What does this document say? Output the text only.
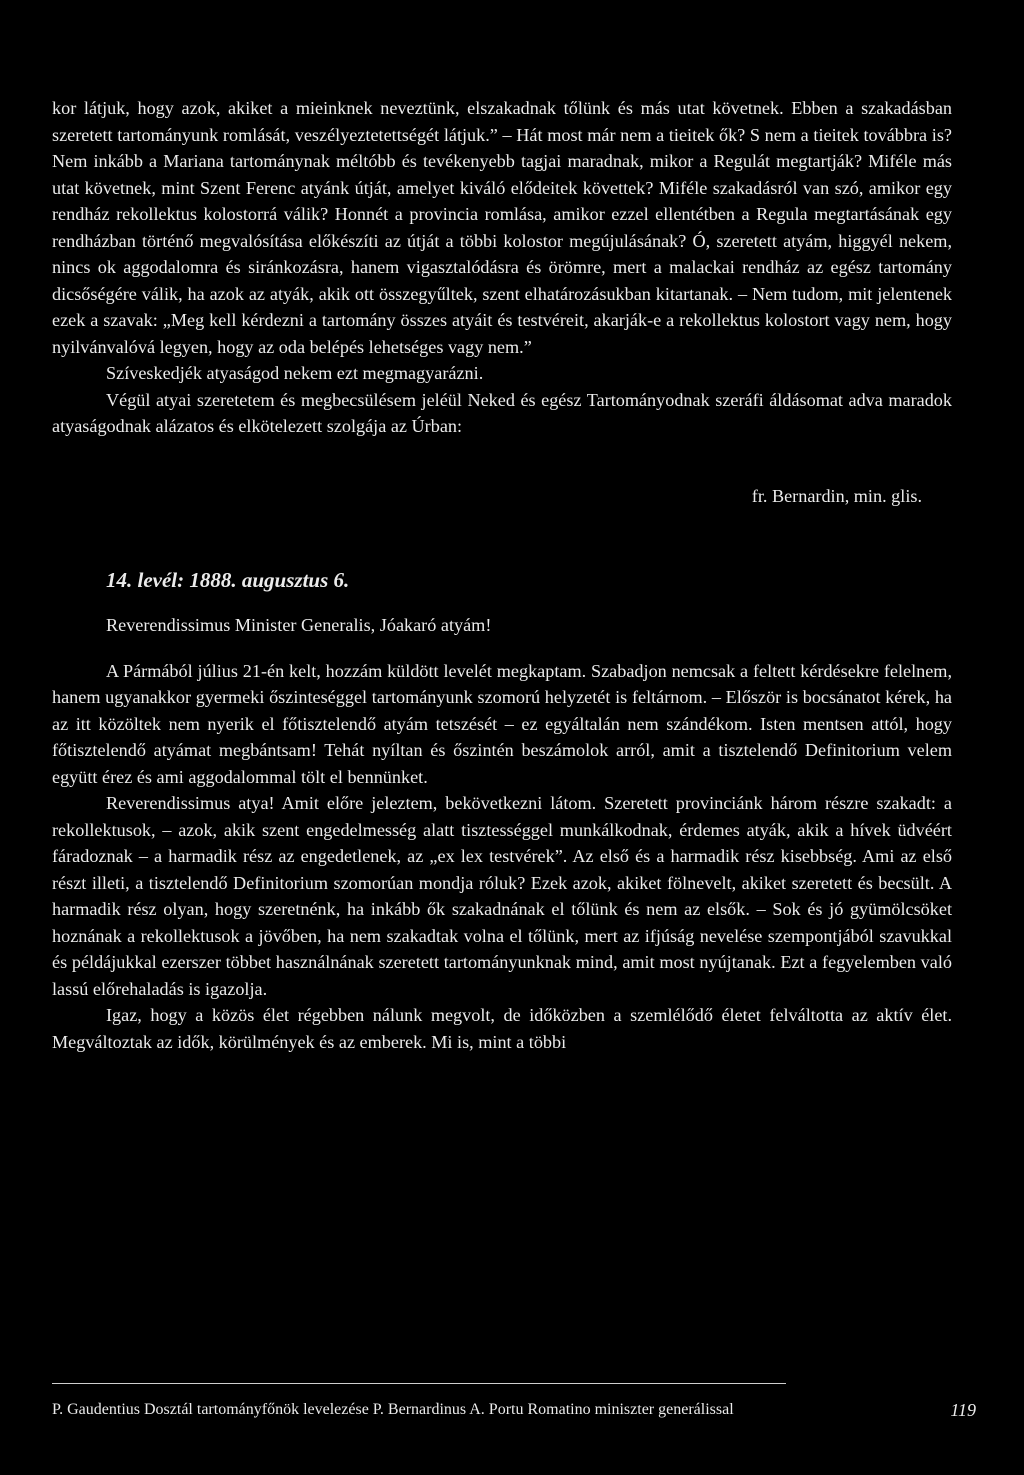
kor látjuk, hogy azok, akiket a mieinknek neveztünk, elszakadnak tőlünk és más utat követnek. Ebben a szakadásban szeretett tartományunk romlását, veszélyeztetettségét látjuk.” – Hát most már nem a tieitek ők? S nem a tieitek továbbra is? Nem inkább a Mariana tartománynak méltóbb és tevékenyebb tagjai maradnak, mikor a Regulát megtartják? Miféle más utat követnek, mint Szent Ferenc atyánk útját, amelyet kiváló elődeitek követtek? Miféle szakadásról van szó, amikor egy rendház rekollektus kolostorrá válik? Honnét a provincia romlása, amikor ezzel ellentétben a Regula megtartásának egy rendházban történő megvalósítása előkészíti az útját a többi kolostor megújulásának? Ó, szeretett atyám, higgyél nekem, nincs ok aggodalomra és siránkozásra, hanem vigasztalódásra és örömre, mert a malackai rendház az egész tartomány dicsőségére válik, ha azok az atyák, akik ott összegyűltek, szent elhatározásukban kitartanak. – Nem tudom, mit jelentenek ezek a szavak: „Meg kell kérdezni a tartomány összes atyáit és testvéreit, akarják-e a rekollektus kolostort vagy nem, hogy nyilvánvalóvá legyen, hogy az oda belépés lehetséges vagy nem.”

Szíveskedjék atyaságod nekem ezt megmagyarázni.

Végül atyai szeretetem és megbecsülésem jeléül Neked és egész Tartományodnak szeráfi áldásomat adva maradok atyaságodnak alázatos és elkötelezett szolgája az Úrban:

fr. Bernardin, min. glis.

14. levél: 1888. augusztus 6.

Reverendissimus Minister Generalis, Jóakaró atyám!

A Pármából július 21-én kelt, hozzám küldött levelét megkaptam. Szabadjon nemcsak a feltett kérdésekre felelnem, hanem ugyanakkor gyermeki őszinteséggel tartományunk szomorú helyzetét is feltárnom. – Először is bocsánatot kérek, ha az itt közöltek nem nyerik el főtisztelendő atyám tetszését – ez egyáltalán nem szándékom. Isten mentsen attól, hogy főtisztelendő atyámat megbántsam! Tehát nyíltan és őszintén beszámolok arról, amit a tisztelendő Definitorium velem együtt érez és ami aggodalommal tölt el bennünket.

Reverendissimus atya! Amit előre jeleztem, bekövetkezni látom. Szeretett provinciánk három részre szakadt: a rekollektusok, – azok, akik szent engedelmesség alatt tisztességgel munkálkodnak, érdemes atyák, akik a hívek üdvéért fáradoznak – a harmadik rész az engedetlenek, az „ex lex testvérek”. Az első és a harmadik rész kisebbség. Ami az első részt illeti, a tisztelendő Definitorium szomorúan mondja róluk? Ezek azok, akiket fölnevelt, akiket szeretett és becsült. A harmadik rész olyan, hogy szeretnénk, ha inkább ők szakadnának el tőlünk és nem az elsők. – Sok és jó gyümölcsöket hoznának a rekollektusok a jövőben, ha nem szakadtak volna el tőlünk, mert az ifjúság nevelése szempontjából szavukkal és példájukkal ezerszer többet használnának szeretett tartományunknak mind, amit most nyújtanak. Ezt a fegyelemben való lassú előrehaladás is igazolja.

Igaz, hogy a közös élet régebben nálunk megvolt, de időközben a szemlélődő életet felváltotta az aktív élet. Megváltoztak az idők, körülmények és az emberek. Mi is, mint a többi

P. Gaudentius Dosztál tartományfőnök levelezése P. Bernardinus A. Portu Romatino miniszter generálissal	119
